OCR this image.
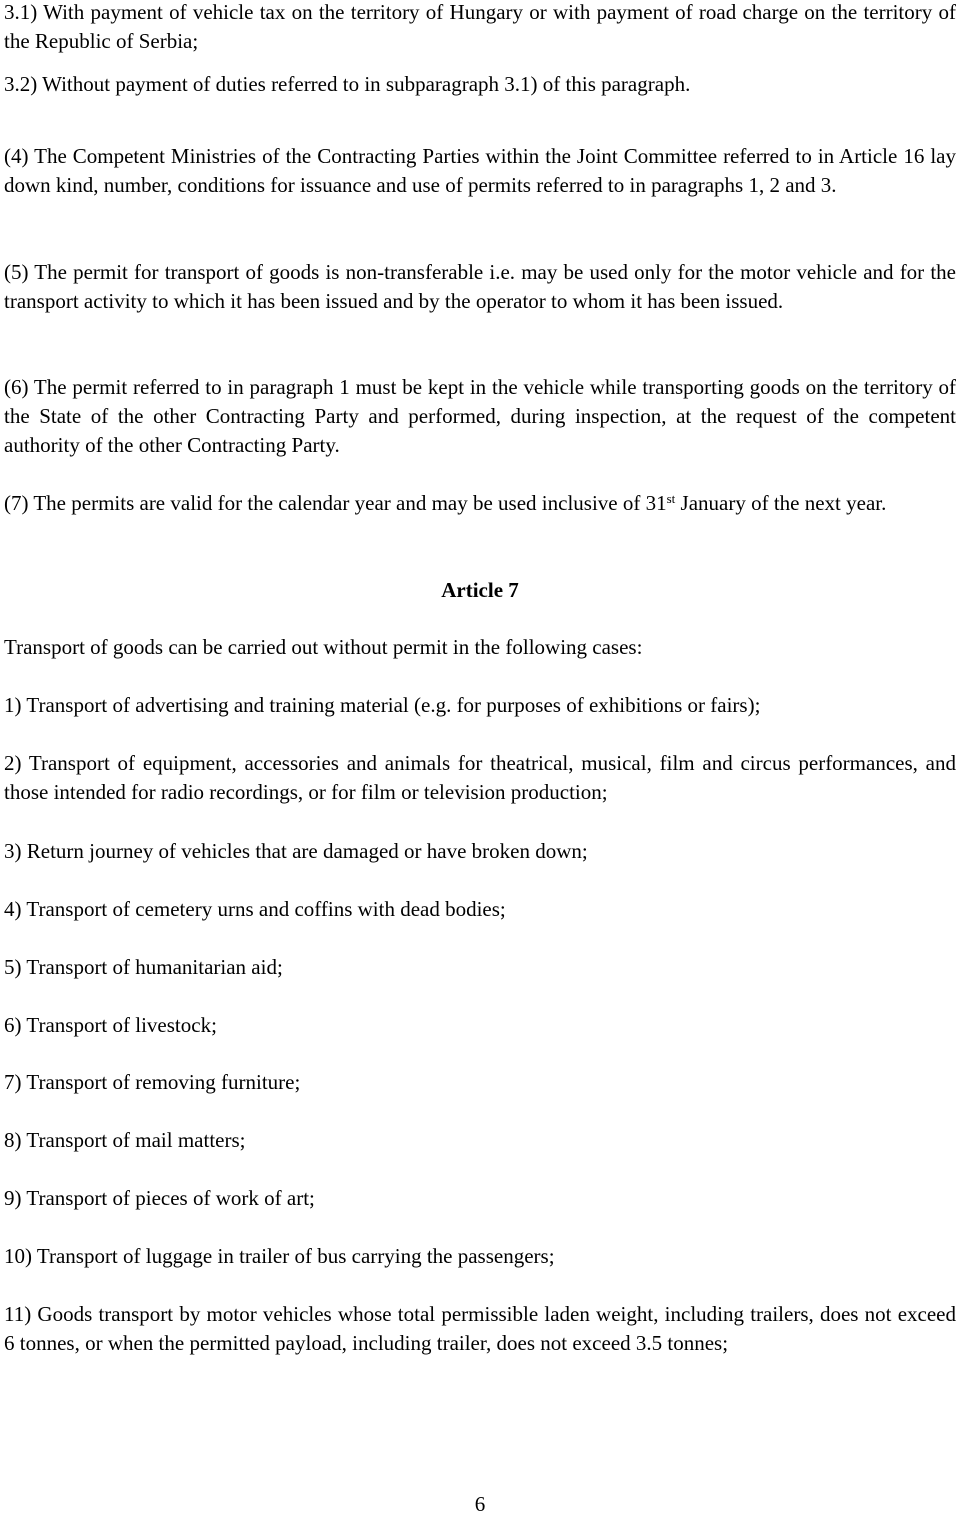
3.1) With payment of vehicle tax on the territory of Hungary or with payment of road charge on the territory of the Republic of Serbia;

3.2) Without payment of duties referred to in subparagraph 3.1) of this paragraph.

(4) The Competent Ministries of the Contracting Parties within the Joint Committee referred to in Article 16 lay down kind, number, conditions for issuance and use of permits referred to in paragraphs 1, 2 and 3.

(5) The permit for transport of goods is non-transferable i.e. may be used only for the motor vehicle and for the transport activity to which it has been issued and by the operator to whom it has been issued.

(6) The permit referred to in paragraph 1 must be kept in the vehicle while transporting goods on the territory of the State of the other Contracting Party and performed, during inspection, at the request of the competent authority of the other Contracting Party.

(7) The permits are valid for the calendar year and may be used inclusive of 31st January of the next year.

Article 7

Transport of goods can be carried out without permit in the following cases:

1) Transport of advertising and training material (e.g. for purposes of exhibitions or fairs);

2) Transport of equipment, accessories and animals for theatrical, musical, film and circus performances, and those intended for radio recordings, or for film or television production;

3) Return journey of vehicles that are damaged or have broken down;

4) Transport of cemetery urns and coffins with dead bodies;

5) Transport of humanitarian aid;

6) Transport of livestock;

7) Transport of removing furniture;

8) Transport of mail matters;

9) Transport of pieces of work of art;

10) Transport of luggage in trailer of bus carrying the passengers;

11) Goods transport by motor vehicles whose total permissible laden weight, including trailers, does not exceed 6 tonnes, or when the permitted payload, including trailer, does not exceed 3.5 tonnes;

6
